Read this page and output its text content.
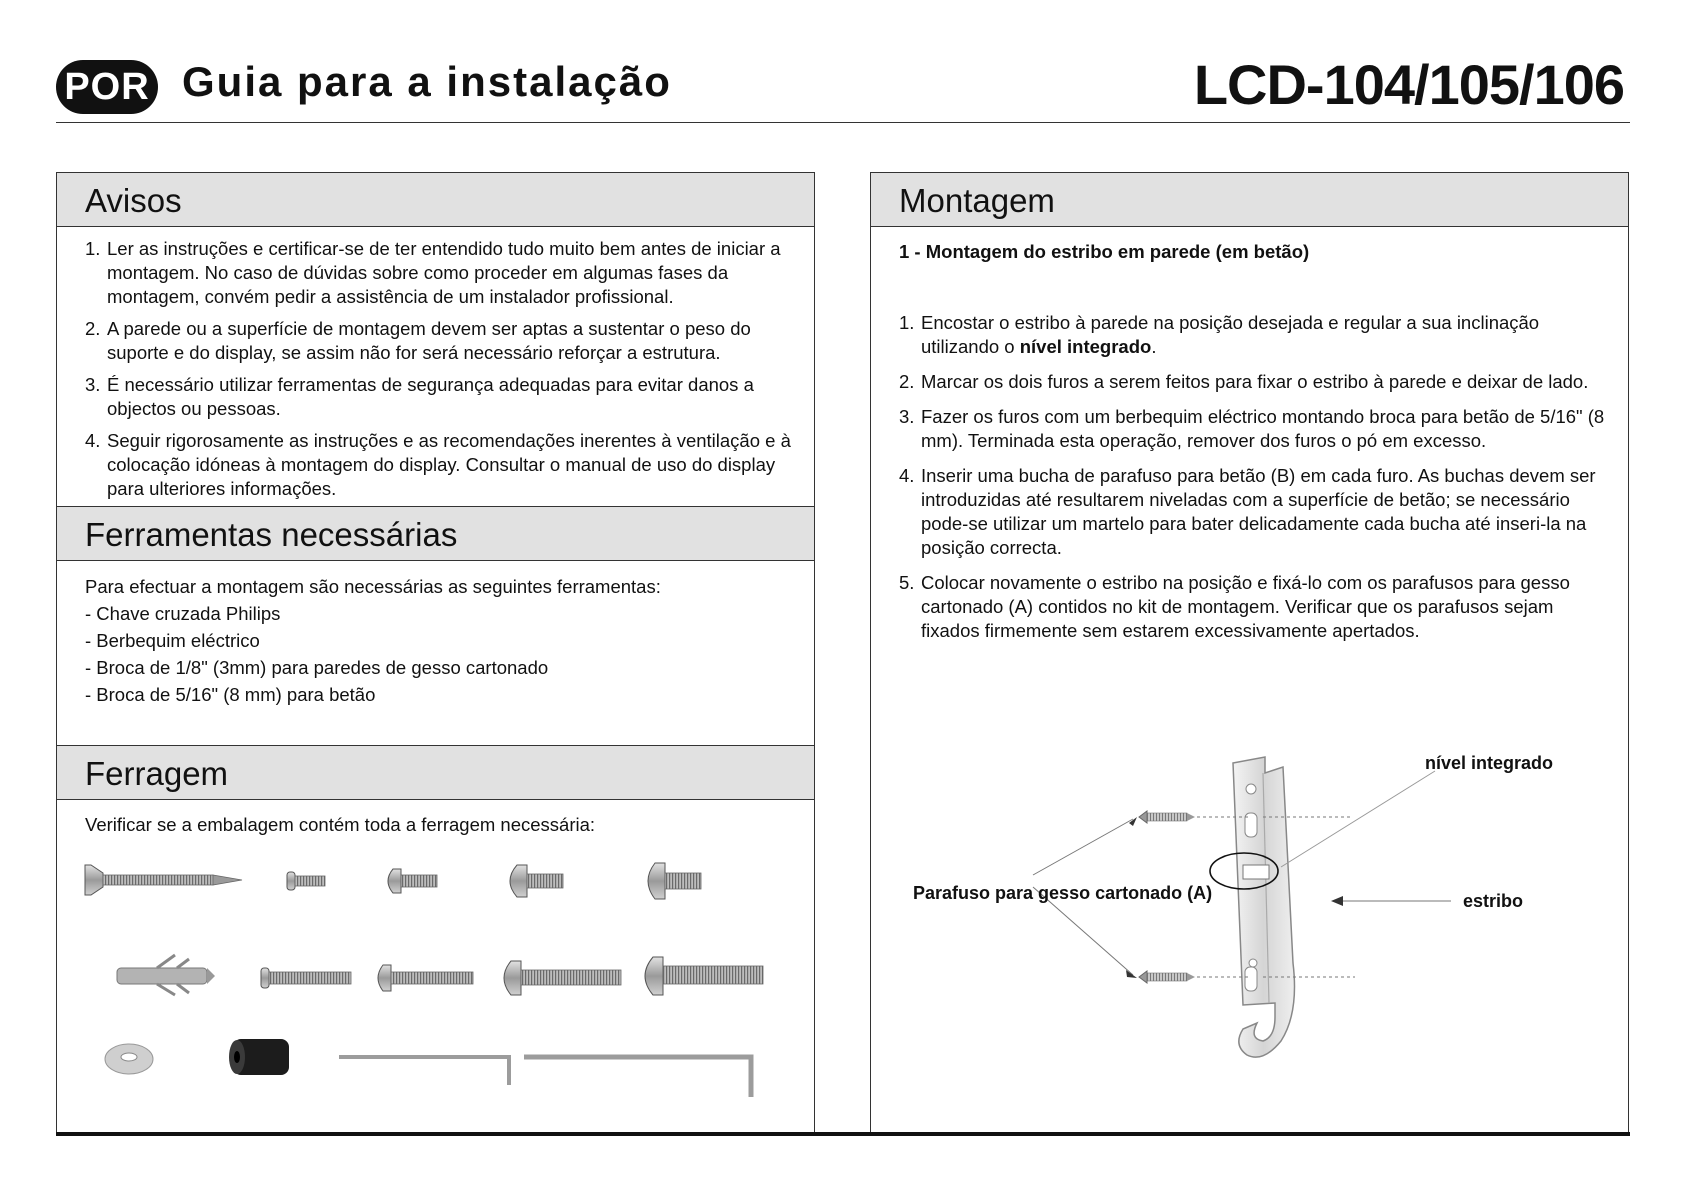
POR Guia para a instalação	LCD-104/105/106
Avisos
1. Ler as instruções e certificar-se de ter entendido tudo muito bem antes de iniciar a montagem. No caso de dúvidas sobre como proceder em algumas fases da montagem, convém pedir a assistência de um instalador profissional.
2. A parede ou a superfície de montagem devem ser aptas a sustentar o peso do suporte e do display, se assim não for será necessário reforçar a estrutura.
3. É necessário utilizar ferramentas de segurança adequadas para evitar danos a objectos ou pessoas.
4. Seguir rigorosamente as instruções e as recomendações inerentes à ventilação e à colocação idóneas à montagem do display. Consultar o manual de uso do display para ulteriores informações.
Ferramentas necessárias
Para efectuar a montagem são necessárias as seguintes ferramentas:
- Chave cruzada Philips
- Berbequim eléctrico
- Broca de 1/8" (3mm) para paredes de gesso cartonado
- Broca de 5/16" (8 mm) para betão
Ferragem
Verificar se a embalagem contém toda a ferragem necessária:
Montagem
1 - Montagem do estribo em parede (em betão)
1. Encostar o estribo à parede na posição desejada e regular a sua inclinação utilizando o nível integrado.
2. Marcar os dois furos a serem feitos para fixar o estribo à parede e deixar de lado.
3. Fazer os furos com um berbequim eléctrico montando broca para betão de 5/16" (8 mm). Terminada esta operação, remover dos furos o pó em excesso.
4. Inserir uma bucha de parafuso para betão (B) em cada furo. As buchas devem ser introduzidas até resultarem niveladas com a superfície de betão; se necessário pode-se utilizar um martelo para bater delicadamente cada bucha até inseri-la na posição correcta.
5. Colocar novamente o estribo na posição e fixá-lo com os parafusos para gesso cartonado (A) contidos no kit de montagem. Verificar que os parafusos sejam fixados firmemente sem estarem excessivamente apertados.
nível integrado
Parafuso para gesso cartonado (A)	estribo
